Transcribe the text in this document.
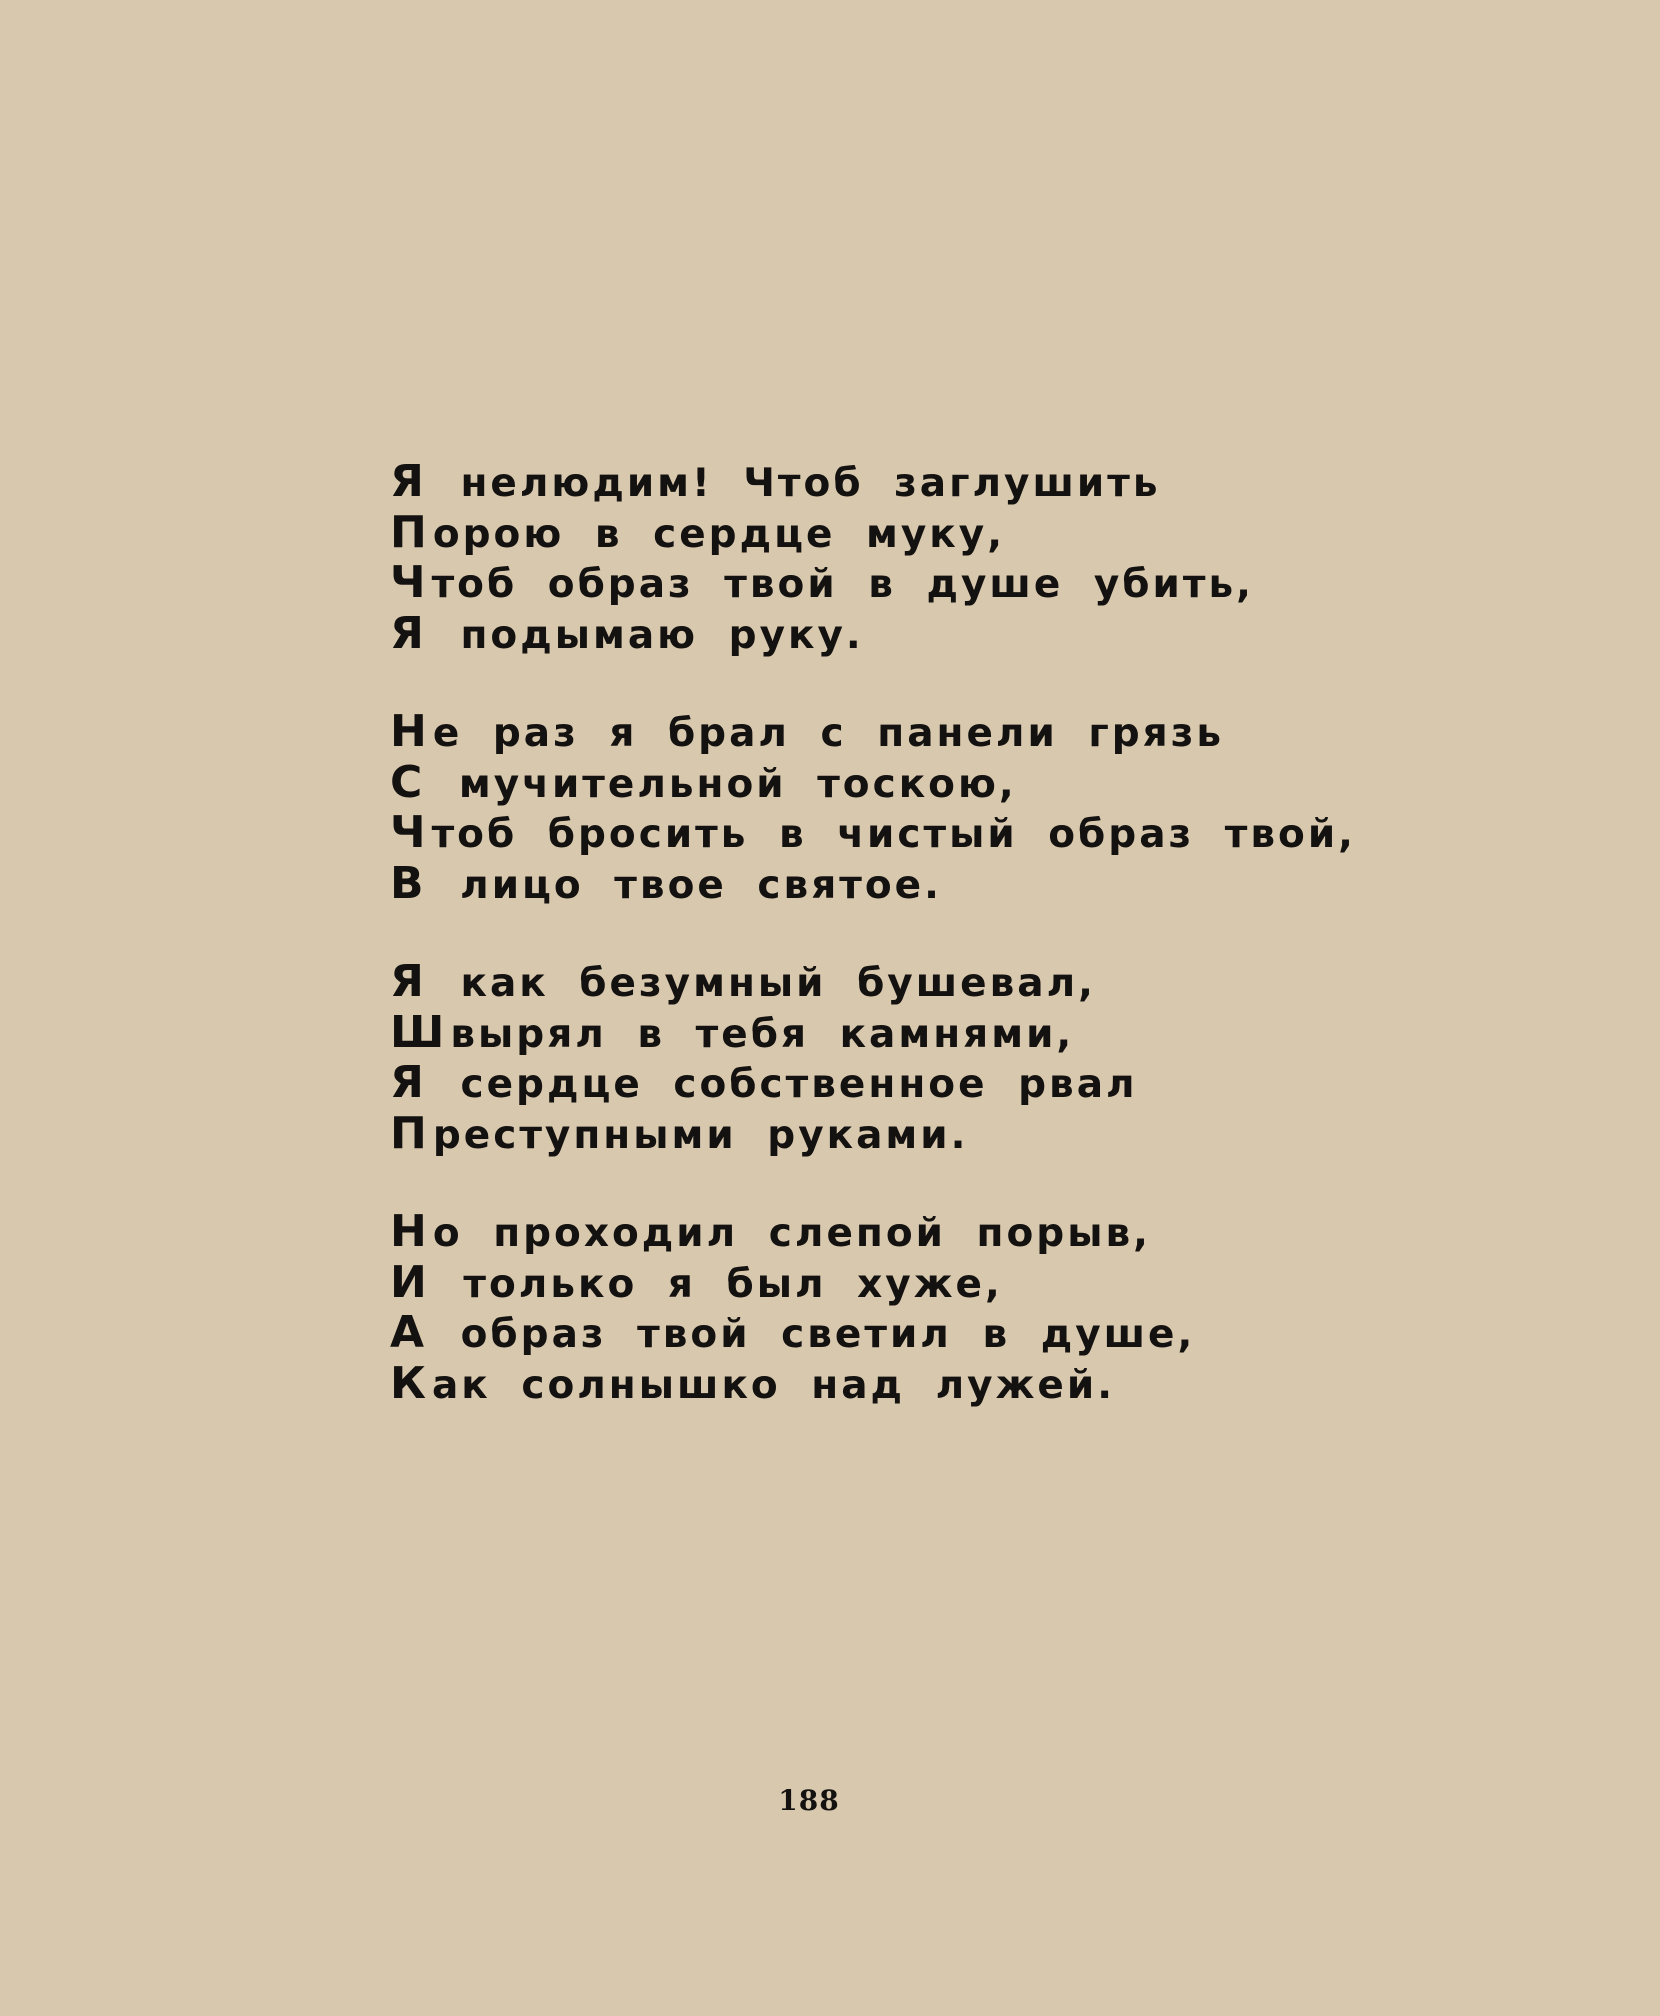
Я нелюдим! Чтоб заглушить
Порою в сердце муку,
Чтоб образ твой в душе убить,
Я подымаю руку.
Не раз я брал с панели грязь
С мучительной тоскою,
Чтоб бросить в чистый образ твой,
В лицо твое святое.
Я как безумный бушевал,
Швырял в тебя камнями,
Я сердце собственное рвал
Преступными руками.
Но проходил слепой порыв,
И только я был хуже,
А образ твой светил в душе,
Как солнышко над лужей.
188
